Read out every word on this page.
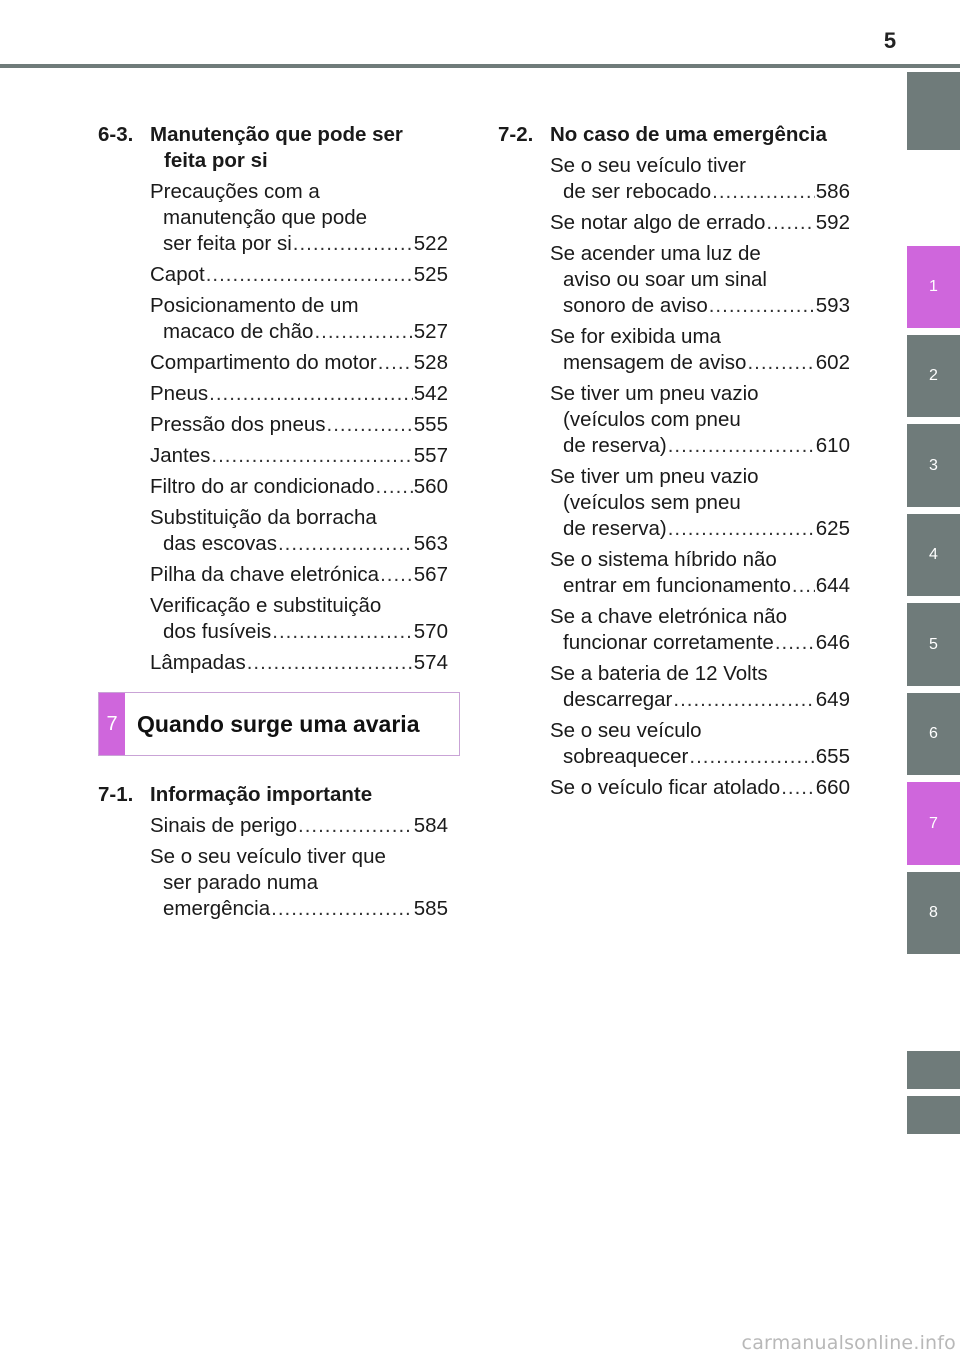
5
1
2
3
4
5
6
7
8
6-3. Manutenção que pode ser
feita por si
Precauções com a
manutenção que pode
ser feita por si .....	522
Capot .....	525
Posicionamento de um
macaco de chão .....	527
Compartimento do motor ..... 528
Pneus .....	542
Pressão dos pneus .....	555
Jantes .....	557
Filtro do ar condicionado ..... 560
Substituição da borracha
das escovas .....	563
Pilha da chave eletrónica ..... 567
Verificação e substituição
dos fusíveis .....	570
Lâmpadas .....	574
7 Quando surge uma avaria
7-1. Informação importante
Sinais de perigo .....	584
Se o seu veículo tiver que
ser parado numa
emergência .....	585
7-2. No caso de uma emergência
Se o seu veículo tiver
de ser rebocado .....	586
Se notar algo de errado ..... 592
Se acender uma luz de
aviso ou soar um sinal
sonoro de aviso .....	593
Se for exibida uma
mensagem de aviso .....	602
Se tiver um pneu vazio
(veículos com pneu
de reserva) .....	610
Se tiver um pneu vazio
(veículos sem pneu
de reserva) .....	625
Se o sistema híbrido não
entrar em funcionamento ..... 644
Se a chave eletrónica não
funcionar corretamente ..... 646
Se a bateria de 12 Volts
descarregar .....	649
Se o seu veículo
sobreaquecer .....	655
Se o veículo ficar atolado ..... 660
carmanualsonline.info
